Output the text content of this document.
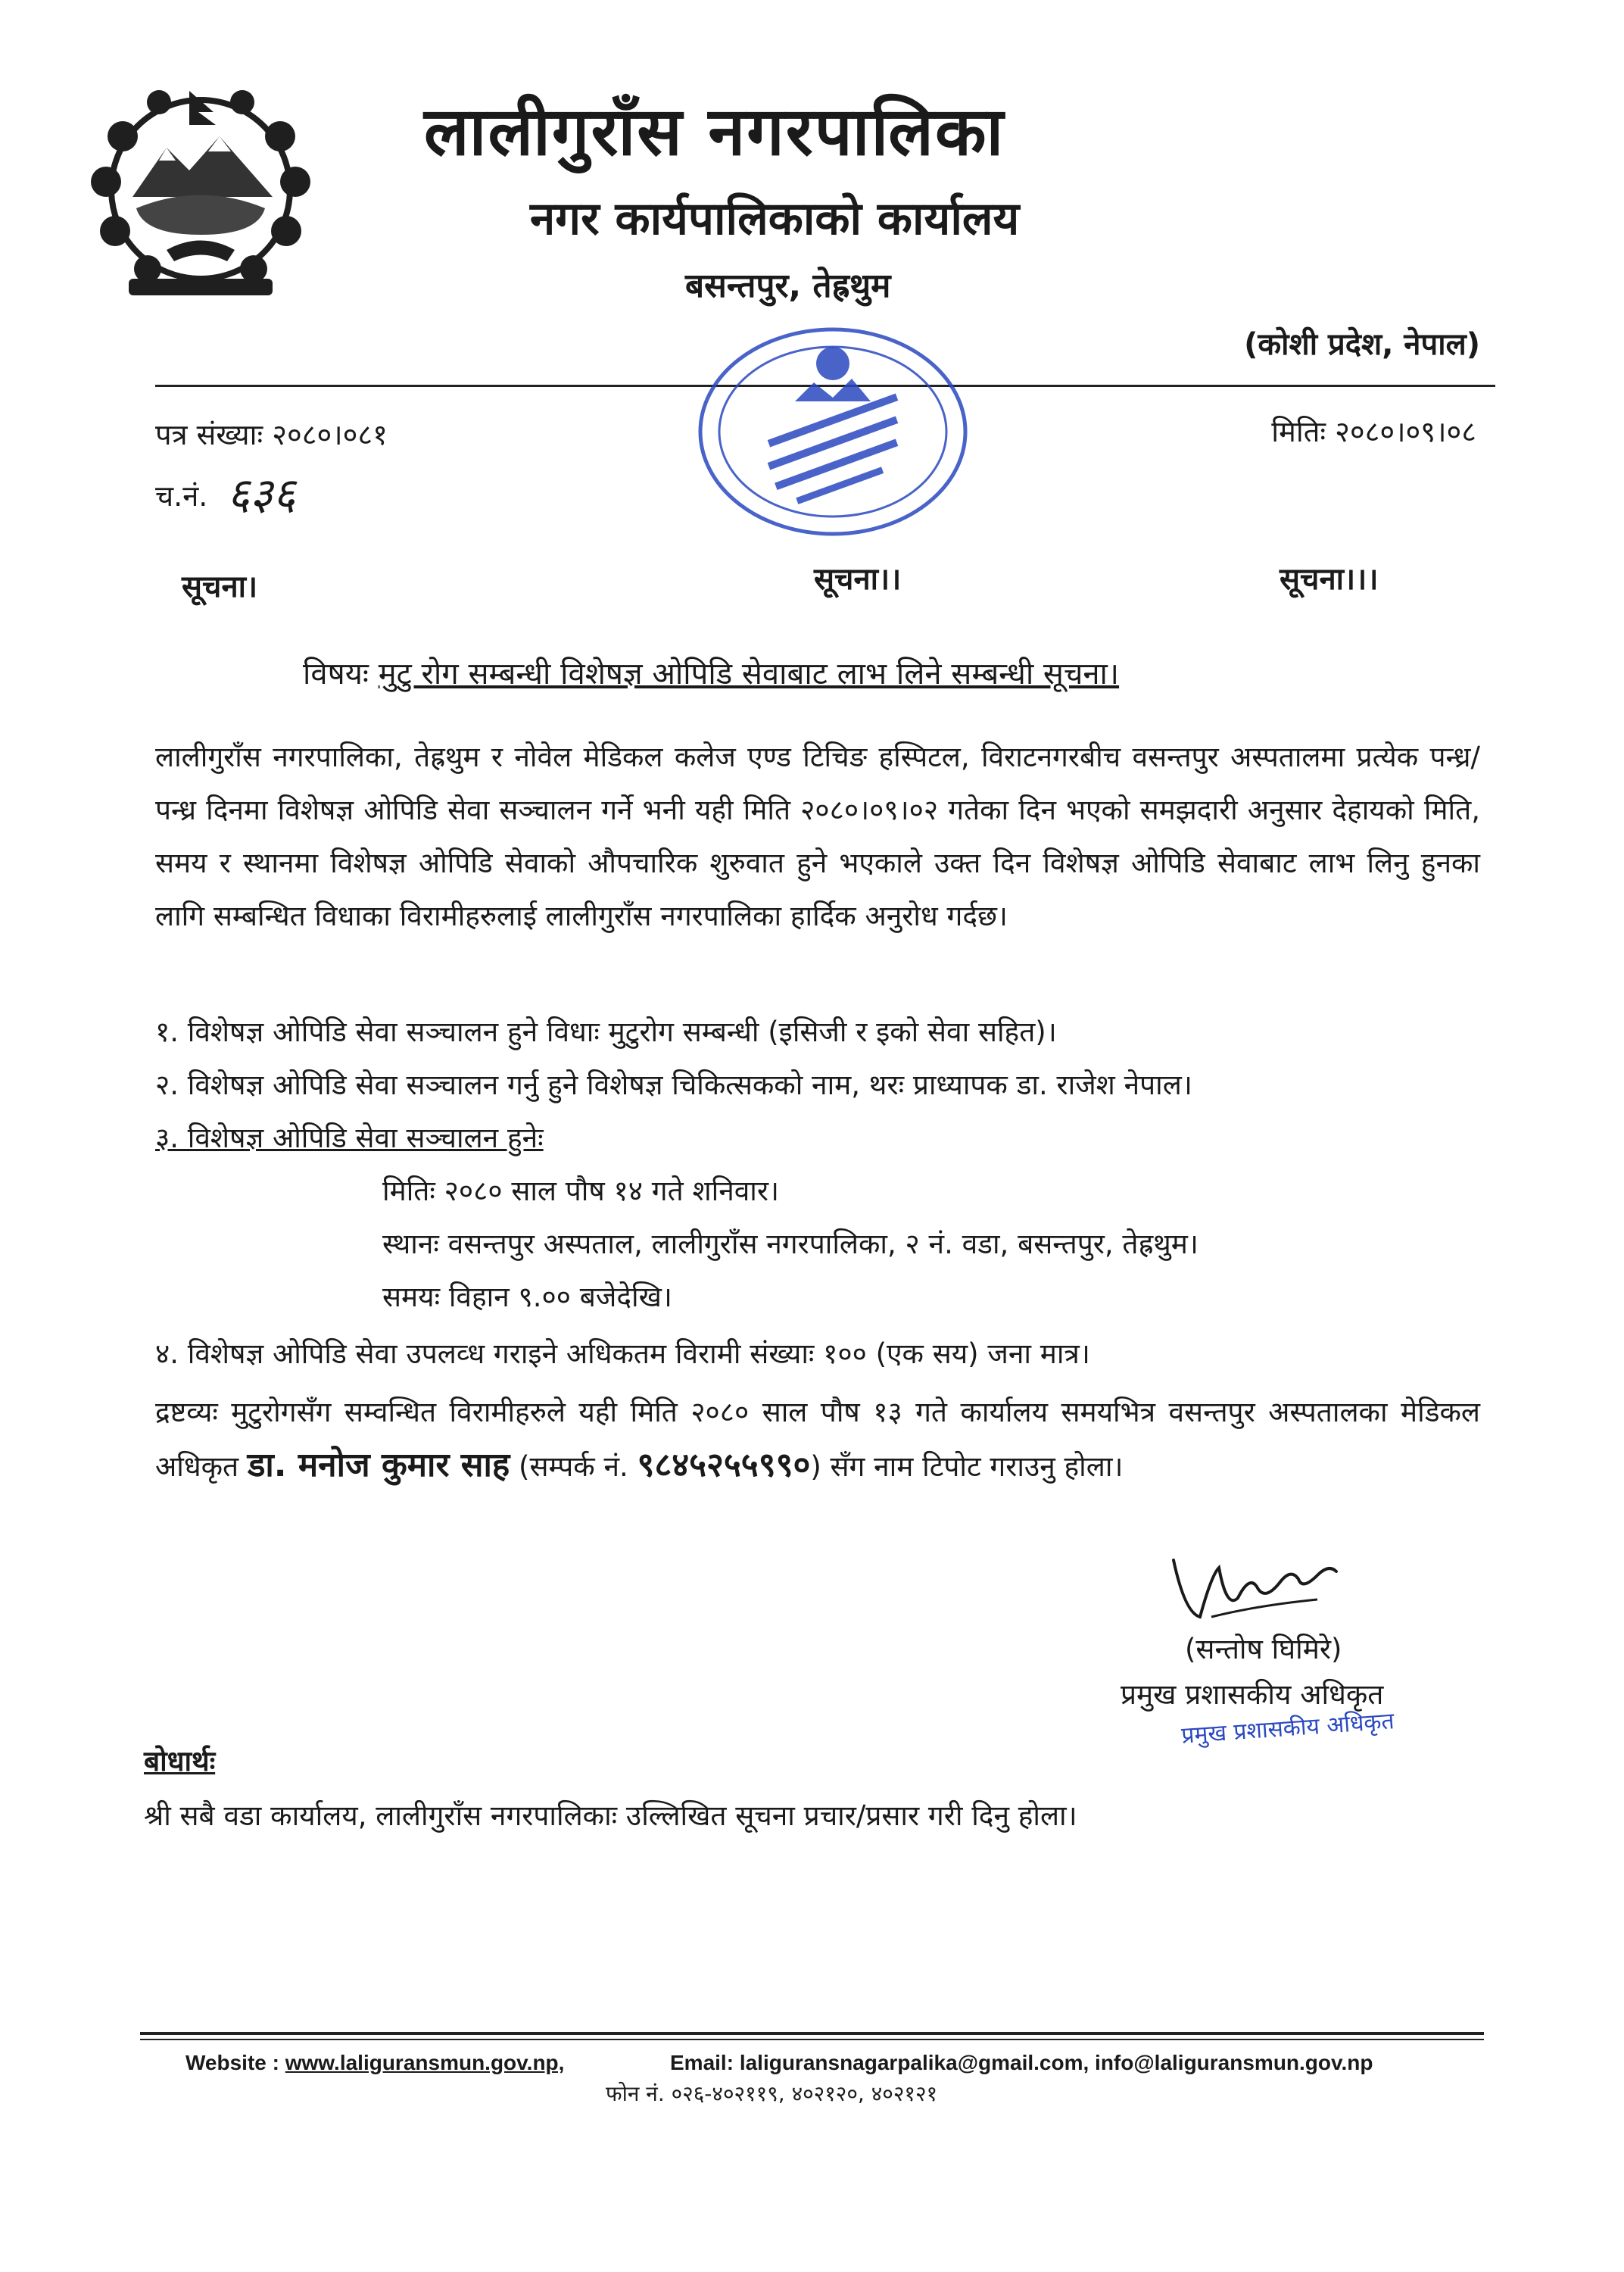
लालीगुराँस नगरपालिका
नगर कार्यपालिकाको कार्यालय
बसन्तपुर, तेह्रथुम
(कोशी प्रदेश, नेपाल)
पत्र संख्याः २०८०।०८१
च.नं. ६३६
मितिः २०८०।०९।०८
सूचना।	सूचना।।	सूचना।।।
विषयः मुटु रोग सम्बन्धी विशेषज्ञ ओपिडि सेवाबाट लाभ लिने सम्बन्धी सूचना।
लालीगुराँस नगरपालिका, तेह्रथुम र नोवेल मेडिकल कलेज एण्ड टिचिङ हस्पिटल, विराटनगरबीच वसन्तपुर अस्पतालमा प्रत्येक पन्ध्र/पन्ध्र दिनमा विशेषज्ञ ओपिडि सेवा सञ्चालन गर्ने भनी यही मिति २०८०।०९।०२ गतेका दिन भएको समझदारी अनुसार देहायको मिति, समय र स्थानमा विशेषज्ञ ओपिडि सेवाको औपचारिक शुरुवात हुने भएकाले उक्त दिन विशेषज्ञ ओपिडि सेवाबाट लाभ लिनु हुनका लागि सम्बन्धित विधाका विरामीहरुलाई लालीगुराँस नगरपालिका हार्दिक अनुरोध गर्दछ।
१. विशेषज्ञ ओपिडि सेवा सञ्चालन हुने विधाः मुटुरोग सम्बन्धी (इसिजी र इको सेवा सहित)।
२. विशेषज्ञ ओपिडि सेवा सञ्चालन गर्नु हुने विशेषज्ञ चिकित्सकको नाम, थरः प्राध्यापक डा. राजेश नेपाल।
३. विशेषज्ञ ओपिडि सेवा सञ्चालन हुनेः
मितिः २०८० साल पौष १४ गते शनिवार।
स्थानः वसन्तपुर अस्पताल, लालीगुराँस नगरपालिका, २ नं. वडा, बसन्तपुर, तेह्रथुम।
समयः विहान ९.०० बजेदेखि।
४. विशेषज्ञ ओपिडि सेवा उपलव्ध गराइने अधिकतम विरामी संख्याः १०० (एक सय) जना मात्र।
द्रष्टव्यः मुटुरोगसँग सम्वन्धित विरामीहरुले यही मिति २०८० साल पौष १३ गते कार्यालय समयभित्र वसन्तपुर अस्पतालका मेडिकल अधिकृत डा. मनोज कुमार साह (सम्पर्क नं. ९८४५२५५९९०) सँग नाम टिपोट गराउनु होला।
(सन्तोष घिमिरे)
प्रमुख प्रशासकीय अधिकृत
प्रमुख प्रशासकीय अधिकृत
बोधार्थः
श्री सबै वडा कार्यालय, लालीगुराँस नगरपालिकाः उल्लिखित सूचना प्रचार/प्रसार गरी दिनु होला।
Website : www.laliguransmun.gov.np,	Email: laliguransnagarpalika@gmail.com, info@laliguransmun.gov.np
फोन नं. ०२६-४०२११९, ४०२१२०, ४०२१२१
